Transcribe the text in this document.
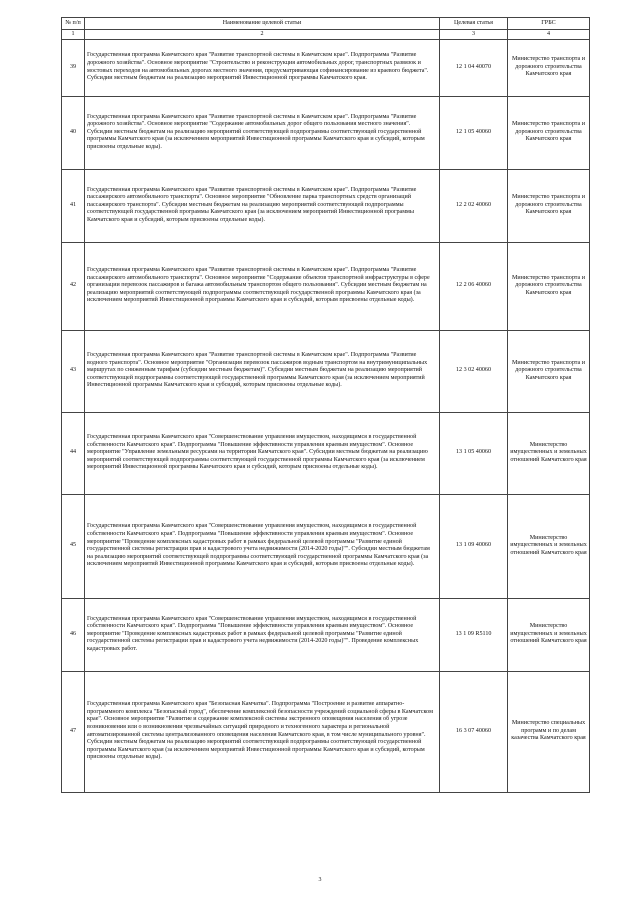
№ п/п	Наименование целевой статьи	Целевая статья	ГРБС
1	2	3	4
39	Государственная программа Камчатского края "Развитие транспортной системы в Камчатском крае". Подпрограмма "Развитие дорожного хозяйства". Основное мероприятие "Строительство и реконструкция автомобильных дорог, транспортных развязок и мостовых переходов на автомобильных дорогах местного значения, предусматривающая софинансирование из краевого бюджета". Субсидии местным бюджетам на реализацию мероприятий Инвестиционной программы Камчатского края.	12 1 04 40070	Министерство транспорта и дорожного строительства Камчатского края
40	Государственная программа Камчатского края "Развитие транспортной системы в Камчатском крае". Подпрограмма "Развитие дорожного хозяйства". Основное мероприятие "Содержание автомобильных дорог общего пользования местного значения". Субсидии местным бюджетам на реализацию мероприятий соответствующей подпрограммы соответствующей государственной программы Камчатского края (за исключением мероприятий Инвестиционной программы Камчатского края и субсидий, которым присвоены отдельные коды).	12 1 05 40060	Министерство транспорта и дорожного строительства Камчатского края
41	Государственная программа Камчатского края "Развитие транспортной системы в Камчатском крае". Подпрограмма "Развитие пассажирского автомобильного транспорта". Основное мероприятие "Обновление парка транспортных средств организаций пассажирского транспорта". Субсидии местным бюджетам на реализацию мероприятий соответствующей подпрограммы соответствующей государственной программы Камчатского края (за исключением мероприятий Инвестиционной программы Камчатского края и субсидий, которым присвоены отдельные коды).	12 2 02 40060	Министерство транспорта и дорожного строительства Камчатского края
42	Государственная программа Камчатского края "Развитие транспортной системы в Камчатском крае". Подпрограмма "Развитие пассажирского автомобильного транспорта". Основное мероприятие "Содержание объектов транспортной инфраструктуры в сфере организации перевозок пассажиров и багажа автомобильным транспортом общего пользования". Субсидии местным бюджетам на реализацию мероприятий соответствующей подпрограммы соответствующей государственной программы Камчатского края (за исключением мероприятий Инвестиционной программы Камчатского края и субсидий, которым присвоены отдельные коды).	12 2 06 40060	Министерство транспорта и дорожного строительства Камчатского края
43	Государственная программа Камчатского края "Развитие транспортной системы в Камчатском крае". Подпрограмма "Развитие водного транспорта". Основное мероприятие "Организация перевозок пассажиров водным транспортом на внутримуниципальных маршрутах по сниженным тарифам (субсидии местным бюджетам)". Субсидии местным бюджетам на реализацию мероприятий соответствующей подпрограммы соответствующей государственной программы Камчатского края (за исключением мероприятий Инвестиционной программы Камчатского края и субсидий, которым присвоены отдельные коды).	12 3 02 40060	Министерство транспорта и дорожного строительства Камчатского края
44	Государственная программа Камчатского края "Совершенствование управления имуществом, находящимся в государственной собственности Камчатского края". Подпрограмма "Повышение эффективности управления краевым имуществом". Основное мероприятие "Управление земельными ресурсами на территории Камчатского края". Субсидии местным бюджетам на реализацию мероприятий соответствующей подпрограммы соответствующей государственной программы Камчатского края (за исключением мероприятий Инвестиционной программы Камчатского края и субсидий, которым присвоены отдельные коды).	13 1 05 40060	Министерство имущественных и земельных отношений Камчатского края
45	Государственная программа Камчатского края "Совершенствование управления имуществом, находящимся в государственной собственности Камчатского края". Подпрограмма "Повышение эффективности управления краевым имуществом". Основное мероприятие "Проведение комплексных кадастровых работ в рамках федеральной целевой программы "Развитие единой государственной системы регистрации прав и кадастрового учета недвижимости (2014-2020 годы)"". Субсидии местным бюджетам на реализацию мероприятий соответствующей подпрограммы соответствующей государственной программы Камчатского края (за исключением мероприятий Инвестиционной программы Камчатского края и субсидий, которым присвоены отдельные коды).	13 1 09 40060	Министерство имущественных и земельных отношений Камчатского края
46	Государственная программа Камчатского края "Совершенствование управления имуществом, находящимся в государственной собственности Камчатского края". Подпрограмма "Повышение эффективности управления краевым имуществом". Основное мероприятие "Проведение комплексных кадастровых работ в рамках федеральной целевой программы "Развитие единой государственной системы регистрации прав и кадастрового учета недвижимости (2014-2020 годы)"". Проведение комплексных кадастровых работ.	13 1 09 R5110	Министерство имущественных и земельных отношений Камчатского края
47	Государственная программа Камчатского края "Безопасная Камчатка". Подпрограмма "Построение и развитие аппаратно-программного комплекса "Безопасный город", обеспечение комплексной безопасности учреждений социальной сферы в Камчатском крае". Основное мероприятие "Развитие и содержание комплексной системы экстренного оповещения населения об угрозе возникновения или о возникновении чрезвычайных ситуаций природного и техногенного характера и региональной автоматизированной системы централизованного оповещения населения Камчатского края, в том числе муниципального уровня". Субсидии местным бюджетам на реализацию мероприятий соответствующей подпрограммы соответствующей государственной программы Камчатского края (за исключением мероприятий Инвестиционной программы Камчатского края и субсидий, которым присвоены отдельные коды).	16 3 07 40060	Министерство специальных программ и по делам казачества Камчатского края
3
